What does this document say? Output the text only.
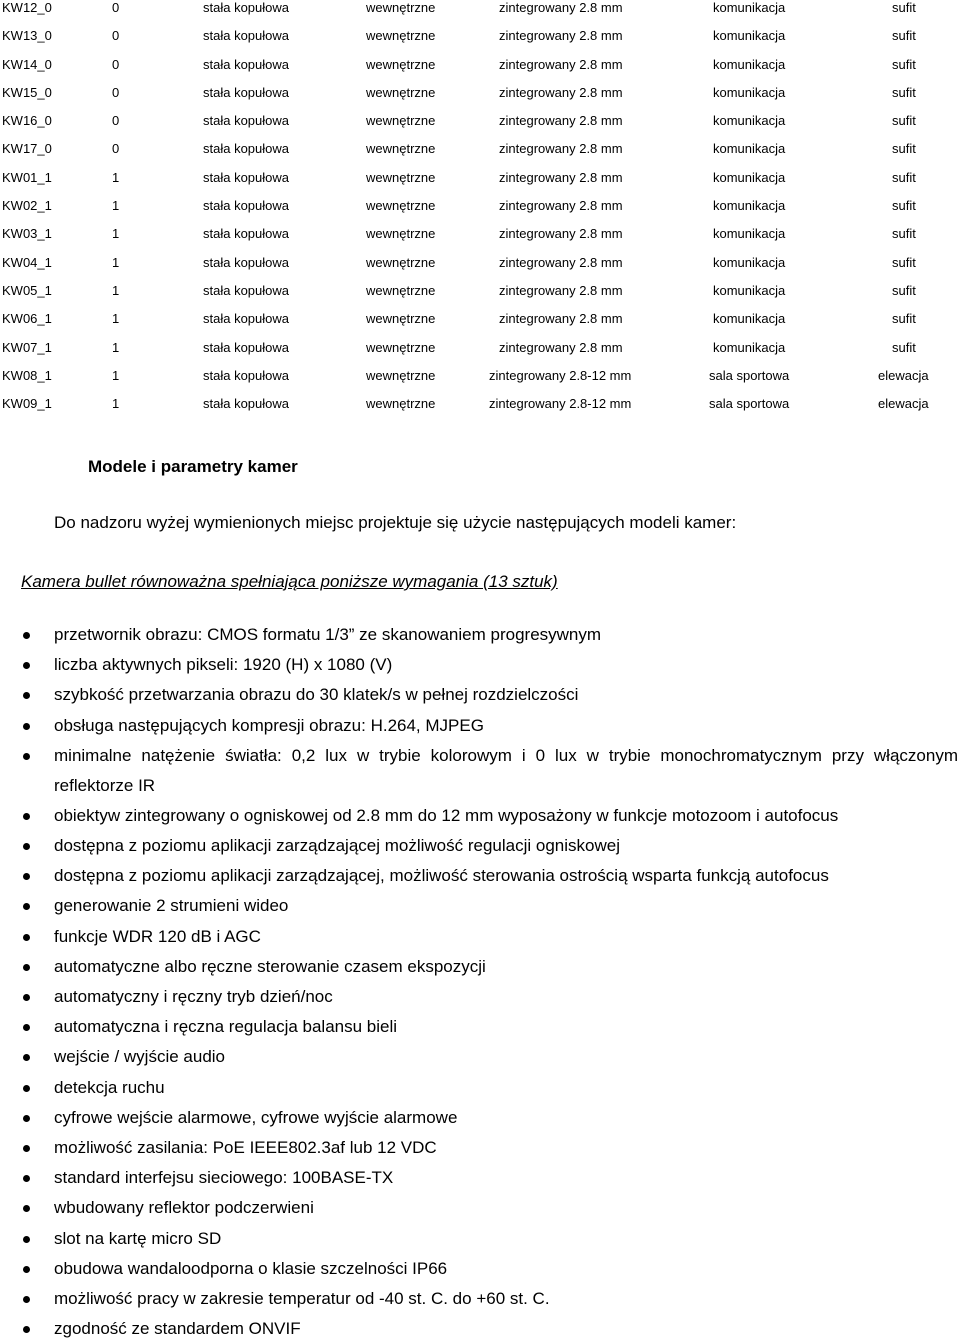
KW12_0	0	stała kopułowa	wewnętrzne	zintegrowany 2.8 mm	komunikacja	sufit
KW13_0	0	stała kopułowa	wewnętrzne	zintegrowany 2.8 mm	komunikacja	sufit
KW14_0	0	stała kopułowa	wewnętrzne	zintegrowany 2.8 mm	komunikacja	sufit
KW15_0	0	stała kopułowa	wewnętrzne	zintegrowany 2.8 mm	komunikacja	sufit
KW16_0	0	stała kopułowa	wewnętrzne	zintegrowany 2.8 mm	komunikacja	sufit
KW17_0	0	stała kopułowa	wewnętrzne	zintegrowany 2.8 mm	komunikacja	sufit
KW01_1	1	stała kopułowa	wewnętrzne	zintegrowany 2.8 mm	komunikacja	sufit
KW02_1	1	stała kopułowa	wewnętrzne	zintegrowany 2.8 mm	komunikacja	sufit
KW03_1	1	stała kopułowa	wewnętrzne	zintegrowany 2.8 mm	komunikacja	sufit
KW04_1	1	stała kopułowa	wewnętrzne	zintegrowany 2.8 mm	komunikacja	sufit
KW05_1	1	stała kopułowa	wewnętrzne	zintegrowany 2.8 mm	komunikacja	sufit
KW06_1	1	stała kopułowa	wewnętrzne	zintegrowany 2.8 mm	komunikacja	sufit
KW07_1	1	stała kopułowa	wewnętrzne	zintegrowany 2.8 mm	komunikacja	sufit
KW08_1	1	stała kopułowa	wewnętrzne	zintegrowany 2.8-12 mm	sala sportowa	elewacja
KW09_1	1	stała kopułowa	wewnętrzne	zintegrowany 2.8-12 mm	sala sportowa	elewacja
Modele i parametry kamer
Do nadzoru wyżej wymienionych miejsc projektuje się użycie następujących modeli kamer:
Kamera bullet równoważna spełniająca poniższe wymagania (13 sztuk)
przetwornik obrazu: CMOS formatu 1/3” ze skanowaniem progresywnym
liczba aktywnych pikseli: 1920 (H) x 1080 (V)
szybkość przetwarzania obrazu do 30 klatek/s w pełnej rozdzielczości
obsługa następujących kompresji obrazu: H.264, MJPEG
minimalne natężenie światła: 0,2 lux w trybie kolorowym i 0 lux w trybie monochromatycznym przy włączonym reflektorze IR
obiektyw zintegrowany o ogniskowej od 2.8 mm do 12 mm wyposażony w funkcje motozoom i autofocus
dostępna z poziomu aplikacji zarządzającej możliwość regulacji ogniskowej
dostępna z poziomu aplikacji zarządzającej, możliwość sterowania ostrością wsparta funkcją autofocus
generowanie 2 strumieni wideo
funkcje WDR 120 dB i AGC
automatyczne albo ręczne sterowanie czasem ekspozycji
automatyczny i ręczny tryb dzień/noc
automatyczna i ręczna regulacja balansu bieli
wejście / wyjście audio
detekcja ruchu
cyfrowe wejście alarmowe, cyfrowe wyjście alarmowe
możliwość zasilania: PoE IEEE802.3af lub 12 VDC
standard interfejsu sieciowego: 100BASE-TX
wbudowany reflektor podczerwieni
slot na kartę micro SD
obudowa wandaloodporna o klasie szczelności IP66
możliwość pracy w zakresie temperatur od -40 st. C. do +60 st. C.
zgodność ze standardem ONVIF
